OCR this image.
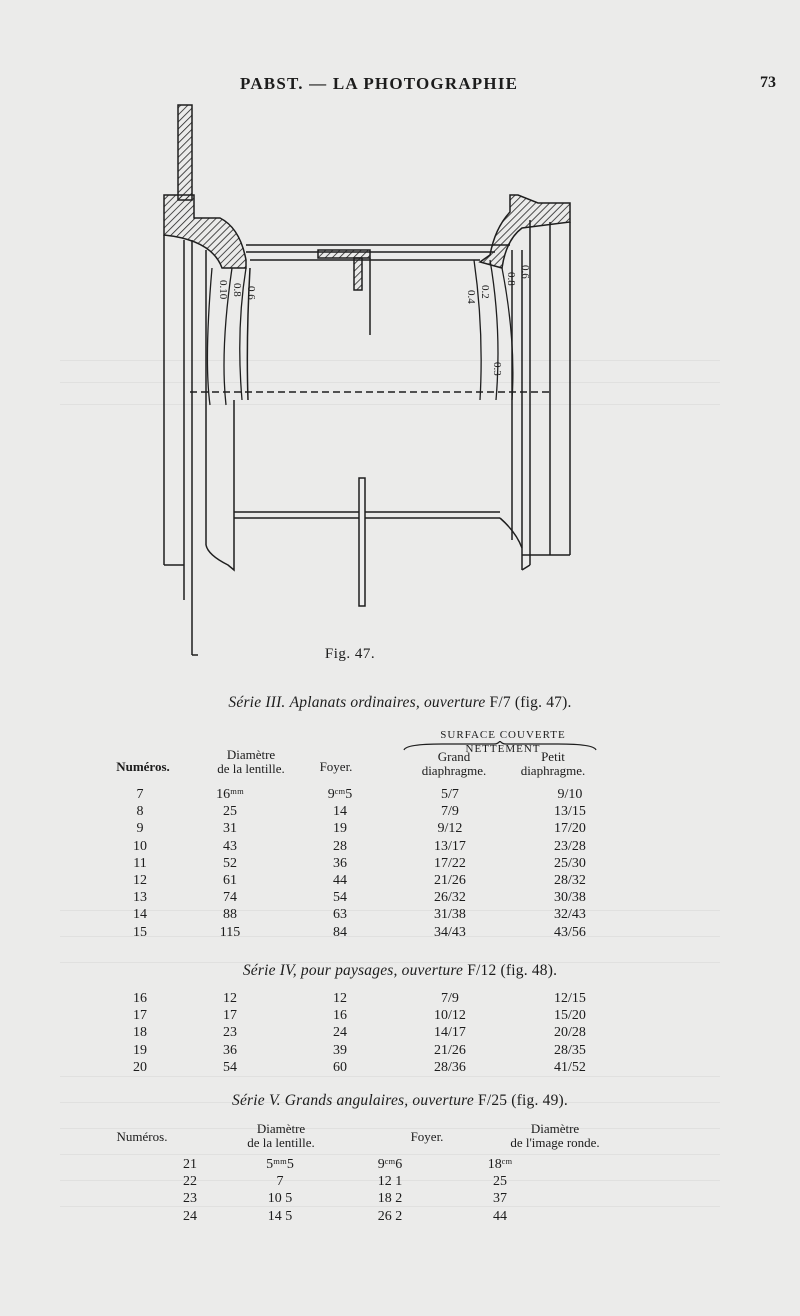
PABST. — LA PHOTOGRAPHIE	73
0.10 0.8 0.6	0.4 0.2
0.3
0.8
0.6
Fig. 47.
Série III. Aplanats ordinaires, ouverture F/7 (fig. 47).
SURFACE COUVERTE NETTEMENT
Numéros.
Diamètre
de la lentille.	Foyer.
Grand
diaphragme.
Petit
diaphragme.
7	16ᵐᵐ	9ᶜᵐ5	5/7	9/10
8	25	14	7/9	13/15
9	31	19	9/12	17/20
10	43	28	13/17	23/28
11	52	36	17/22	25/30
12	61	44	21/26	28/32
13	74	54	26/32	30/38
14	88	63	31/38	32/43
15	115	84	34/43	43/56
Série IV, pour paysages, ouverture F/12 (fig. 48).
16	12	12	7/9	12/15
17	17	16	10/12	15/20
18	23	24	14/17	20/28
19	36	39	21/26	28/35
20	54	60	28/36	41/52
Série V. Grands angulaires, ouverture F/25 (fig. 49).
Numéros.
Diamètre
de la lentille.	Foyer.
Diamètre
de l'image ronde.
21	5ᵐᵐ5	9ᶜᵐ6	18ᶜᵐ
22	7	12 1	25
23	10 5	18 2	37
24	14 5	26 2	44
